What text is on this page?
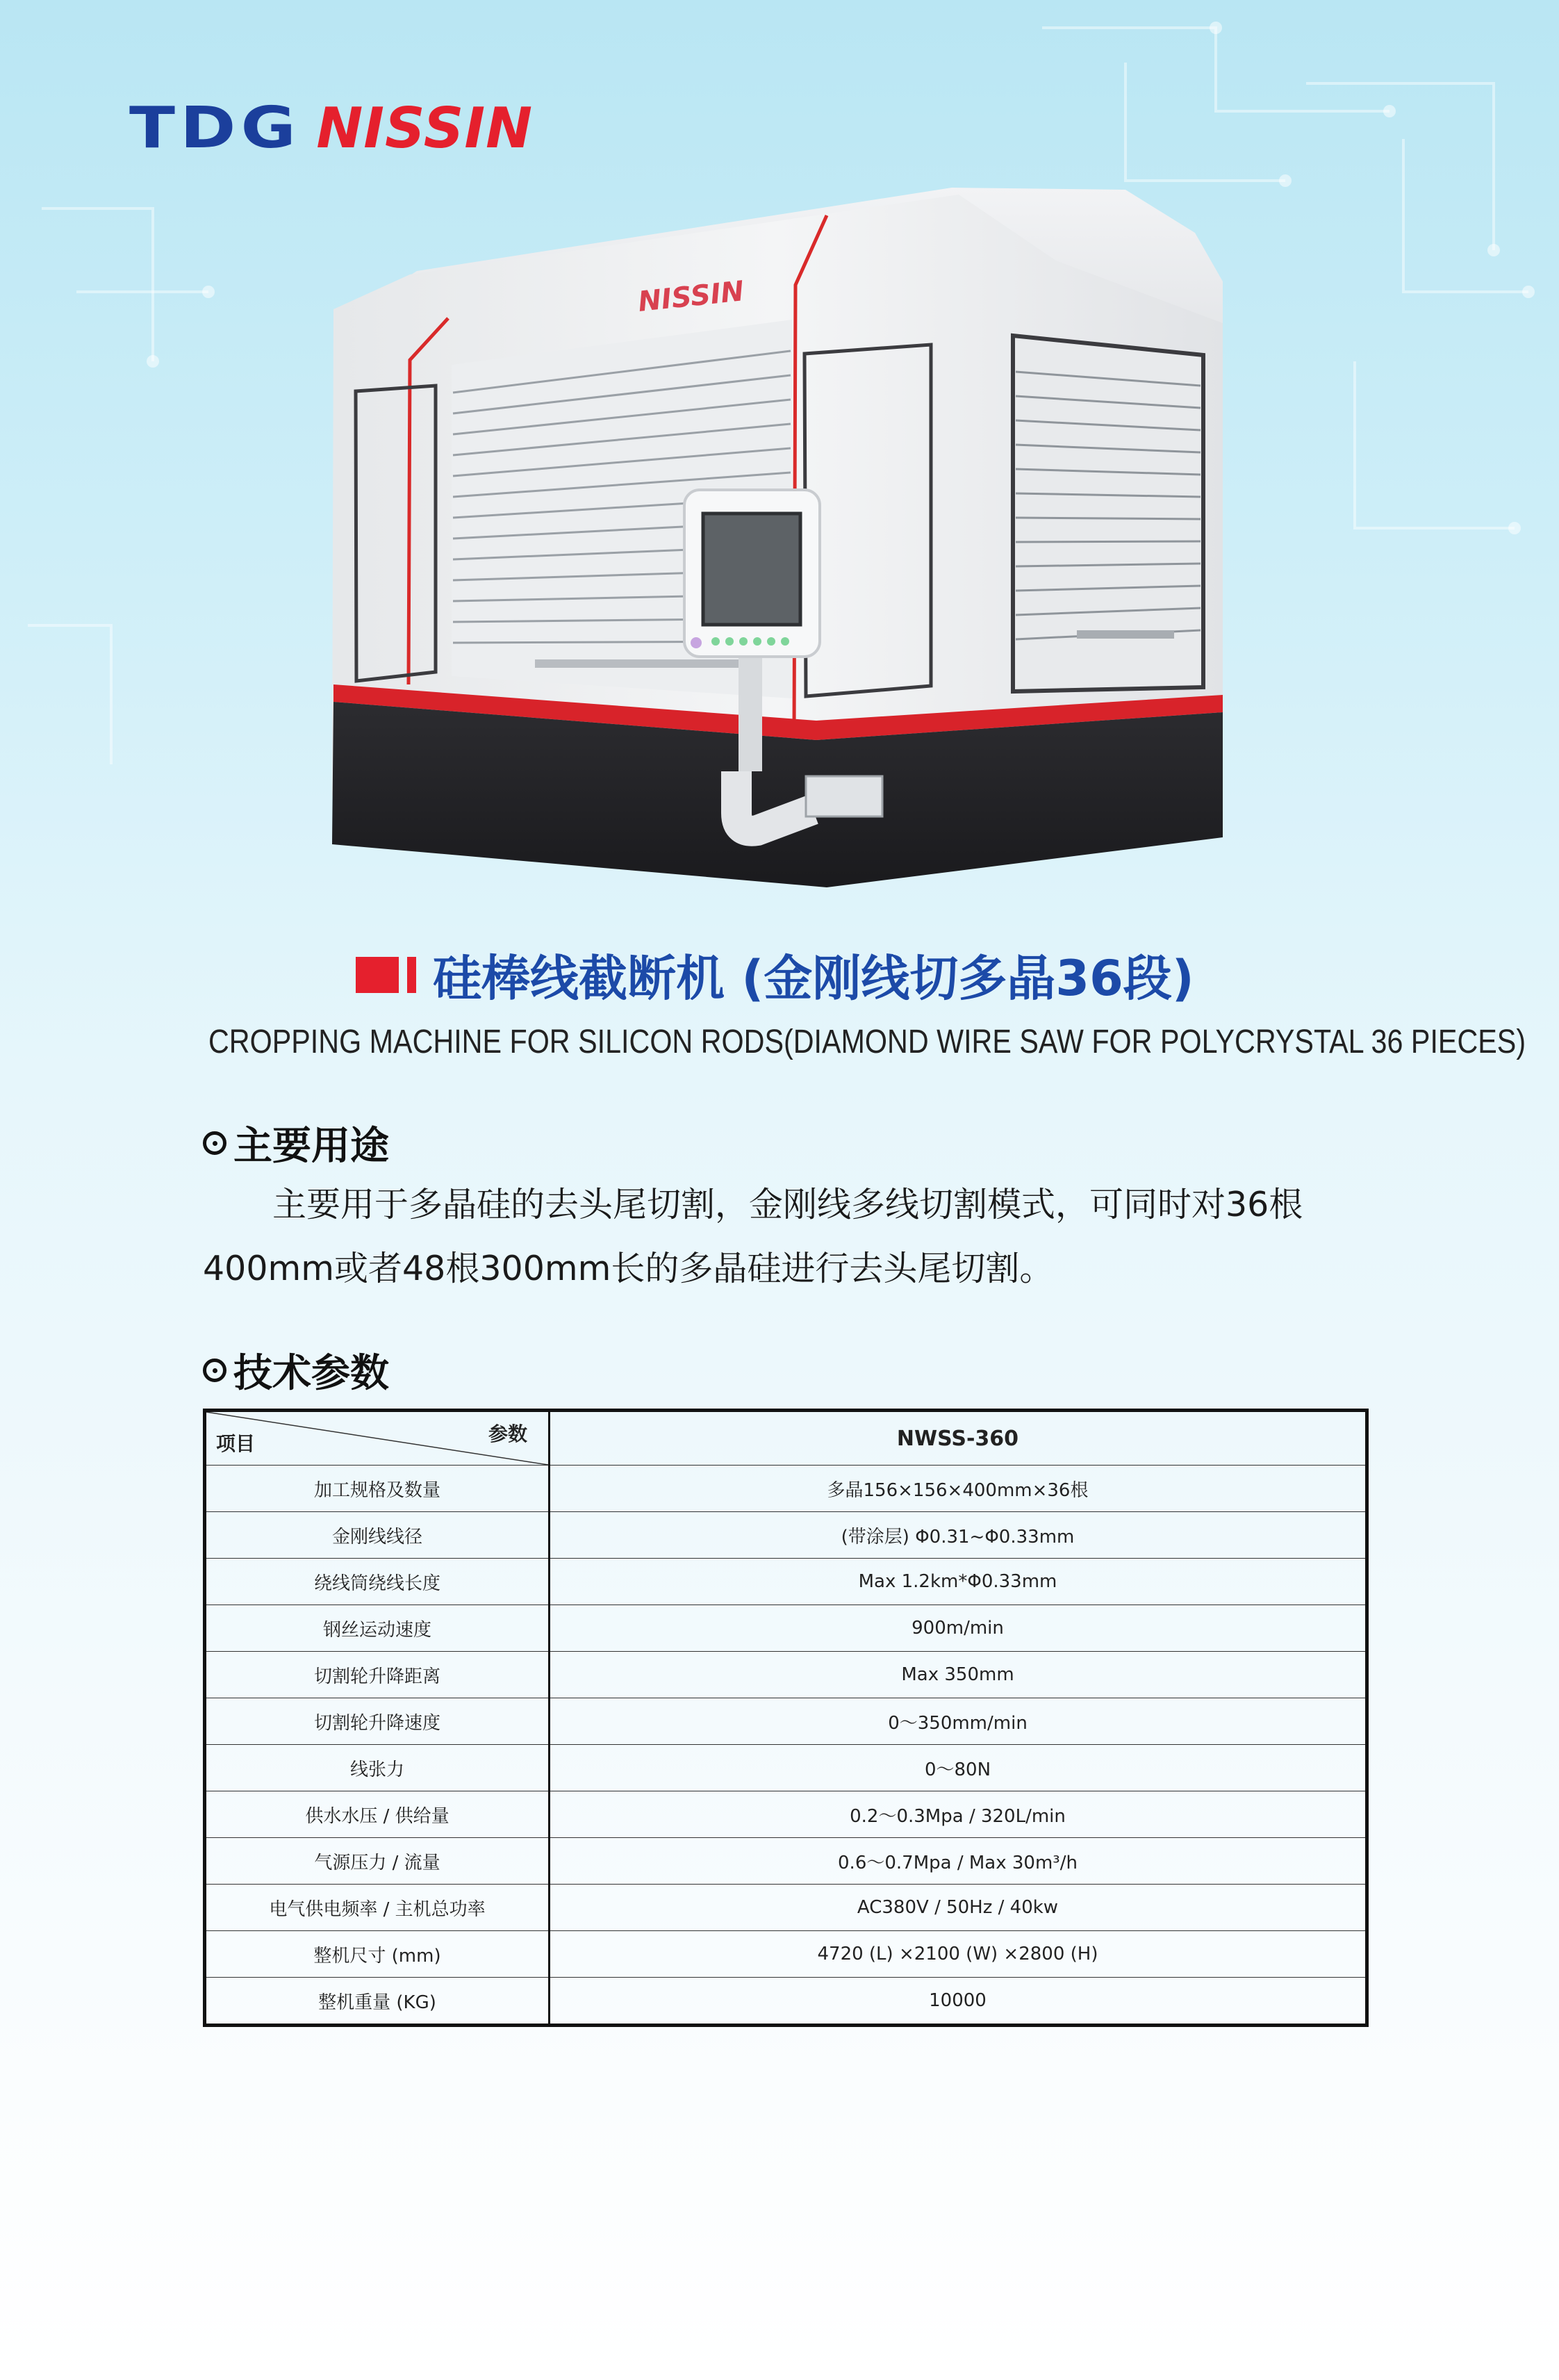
TDG NISSIN
NISSIN
硅棒线截断机 (金刚线切多晶36段)
CROPPING MACHINE FOR SILICON RODS(DIAMOND WIRE SAW FOR POLYCRYSTAL 36 PIECES)
主要用途

主要用于多晶硅的去头尾切割，金刚线多线切割模式，可同时对36根

400mm或者48根300mm长的多晶硅进行去头尾切割。

技术参数
项目 参数	NWSS-360
加工规格及数量	多晶156×156×400mm×36根
金刚线线径	(带涂层) Φ0.31~Φ0.33mm
绕线筒绕线长度	Max 1.2km*Φ0.33mm
钢丝运动速度	900m/min
切割轮升降距离	Max 350mm
切割轮升降速度	0～350mm/min
线张力	0～80N
供水水压 / 供给量	0.2～0.3Mpa / 320L/min
气源压力 / 流量	0.6～0.7Mpa / Max 30m³/h
电气供电频率 / 主机总功率	AC380V / 50Hz / 40kw
整机尺寸 (mm)	4720 (L) ×2100 (W) ×2800 (H)
整机重量 (KG)	10000
